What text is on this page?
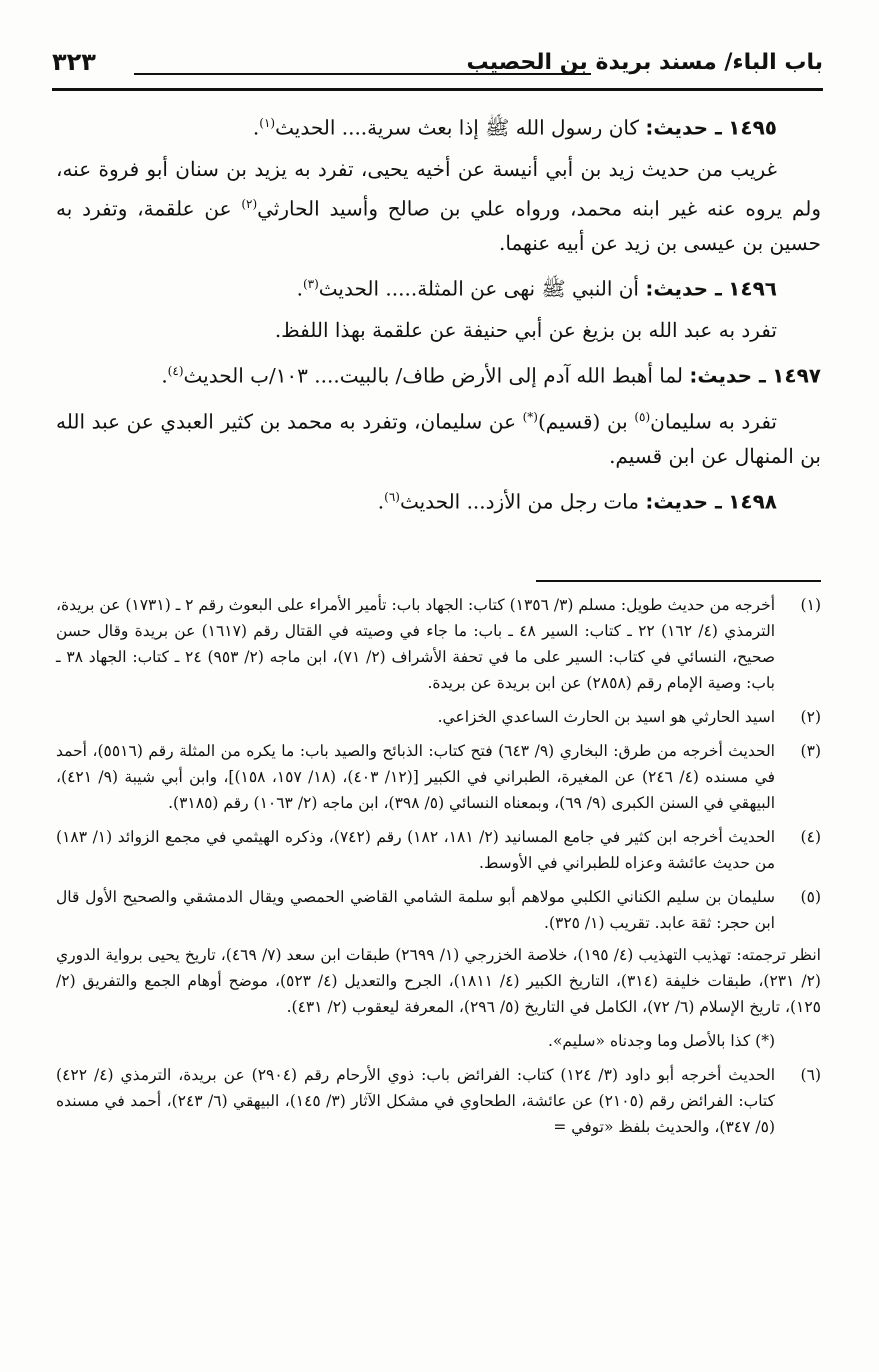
باب الباء/ مسند بريدة بن الحصيب
٣٢٣

١٤٩٥ ـ حديث: كان رسول الله ﷺ إذا بعث سرية.... الحديث$^{(١)}$.

غريب من حديث زيد بن أبي أنيسة عن أخيه يحيى، تفرد به يزيد بن سنان أبو فروة عنه، ولم يروه عنه غير ابنه محمد، ورواه علي بن صالح وأسيد الحارثي$^{(٢)}$ عن علقمة، وتفرد به حسين بن عيسى بن زيد عن أبيه عنهما.

١٤٩٦ ـ حديث: أن النبي ﷺ نهى عن المثلة..... الحديث$^{(٣)}$.

تفرد به عبد الله بن بزيغ عن أبي حنيفة عن علقمة بهذا اللفظ.

١٤٩٧ ـ حديث: لما أهبط الله آدم إلى الأرض طاف/ بالبيت.... ١٠٣/ب الحديث$^{(٤)}$.

تفرد به سليمان$^{(٥)}$ بن (قسيم)(*) عن سليمان، وتفرد به محمد بن كثير العبدي عن عبد الله بن المنهال عن ابن قسيم.

١٤٩٨ ـ حديث: مات رجل من الأزد... الحديث$^{(٦)}$.

(١)

أخرجه من حديث طويل: مسلم (٣/ ١٣٥٦) كتاب: الجهاد باب: تأمير الأمراء على البعوث رقم ٢ ـ (١٧٣١) عن بريدة، الترمذي (٤/ ١٦٢) ٢٢ ـ كتاب: السير ٤٨ ـ باب: ما جاء في وصيته في القتال رقم (١٦١٧) عن بريدة وقال حسن صحيح، النسائي في كتاب: السير على ما في تحفة الأشراف (٢/ ٧١)، ابن ماجه (٢/ ٩٥٣) ٢٤ ـ كتاب: الجهاد ٣٨ ـ باب: وصية الإمام رقم (٢٨٥٨) عن ابن بريدة عن بريدة.

(٢)

اسيد الحارثي هو اسيد بن الحارث الساعدي الخزاعي.

(٣)

الحديث أخرجه من طرق: البخاري (٩/ ٦٤٣) فتح كتاب: الذبائح والصيد باب: ما يكره من المثلة رقم (٥٥١٦)، أحمد في مسنده (٤/ ٢٤٦) عن المغيرة، الطبراني في الكبير [(١٢/ ٤٠٣)، (١٨/ ١٥٧، ١٥٨)]، وابن أبي شيبة (٩/ ٤٢١)، البيهقي في السنن الكبرى (٩/ ٦٩)، وبمعناه النسائي (٥/ ٣٩٨)، ابن ماجه (٢/ ١٠٦٣) رقم (٣١٨٥).

(٤)

الحديث أخرجه ابن كثير في جامع المسانيد (٢/ ١٨١، ١٨٢) رقم (٧٤٢)، وذكره الهيثمي في مجمع الزوائد (١/ ١٨٣) من حديث عائشة وعزاه للطبراني في الأوسط.

(٥)

سليمان بن سليم الكناني الكلبي مولاهم أبو سلمة الشامي القاضي الحمصي ويقال الدمشقي والصحيح الأول قال ابن حجر: ثقة عابد. تقريب (١/ ٣٢٥).

انظر ترجمته: تهذيب التهذيب (٤/ ١٩٥)، خلاصة الخزرجي (١/ ٢٦٩٩) طبقات ابن سعد (٧/ ٤٦٩)، تاريخ يحيى برواية الدوري (٢/ ٢٣١)، طبقات خليفة (٣١٤)، التاريخ الكبير (٤/ ١٨١١)، الجرح والتعديل (٤/ ٥٢٣)، موضح أوهام الجمع والتفريق (٢/ ١٢٥)، تاريخ الإسلام (٦/ ٧٢)، الكامل في التاريخ (٥/ ٢٩٦)، المعرفة ليعقوب (٢/ ٤٣١).

(*) كذا بالأصل وما وجدناه «سليم».
(٦)

الحديث أخرجه أبو داود (٣/ ١٢٤) كتاب: الفرائض باب: ذوي الأرحام رقم (٢٩٠٤) عن بريدة، الترمذي (٤/ ٤٢٢) كتاب: الفرائض رقم (٢١٠٥) عن عائشة، الطحاوي في مشكل الآثار (٣/ ١٤٥)، البيهقي (٦/ ٢٤٣)، أحمد في مسنده (٥/ ٣٤٧)، والحديث بلفظ «توفي =
